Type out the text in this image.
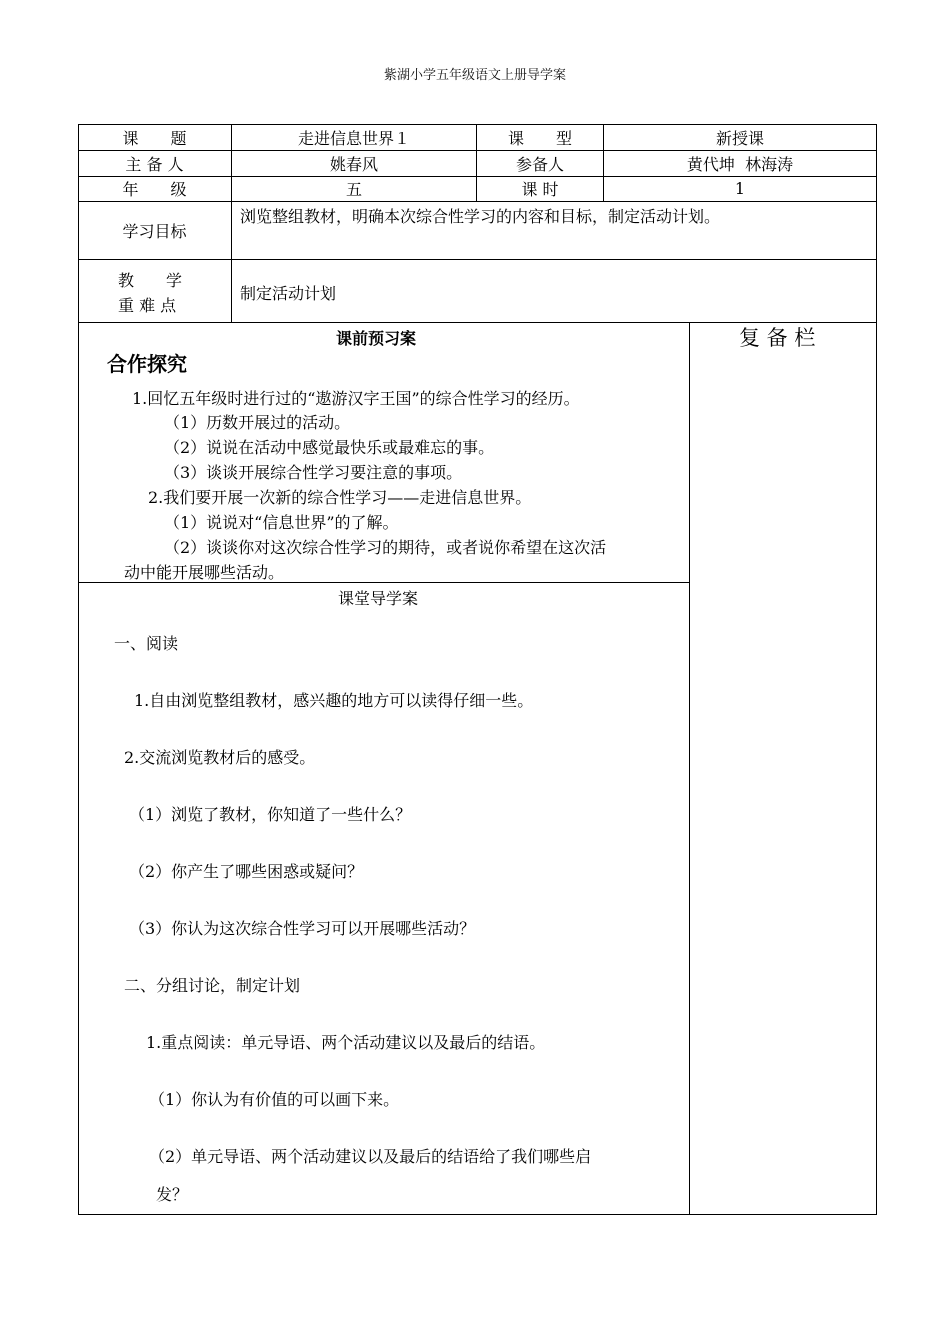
紫湖小学五年级语文上册导学案
课　　题	走进信息世界１	课　　型	新授课
主 备 人	姚春风	参备人	黄代坤  林海涛
年　　级	五	课 时	1
学习目标
浏览整组教材，明确本次综合性学习的内容和目标，制定活动计划。
教　　学
重 难 点
制定活动计划
复 备 栏
课前预习案
合作探究
1.回忆五年级时进行过的“遨游汉字王国”的综合性学习的经历。
（1）历数开展过的活动。
（2）说说在活动中感觉最快乐或最难忘的事。
（3）谈谈开展综合性学习要注意的事项。
2.我们要开展一次新的综合性学习——走进信息世界。
（1）说说对“信息世界”的了解。
（2）谈谈你对这次综合性学习的期待，或者说你希望在这次活
动中能开展哪些活动。
课堂导学案
一、阅读
1.自由浏览整组教材，感兴趣的地方可以读得仔细一些。
2.交流浏览教材后的感受。
（1）浏览了教材，你知道了一些什么？
（2）你产生了哪些困惑或疑问？
（3）你认为这次综合性学习可以开展哪些活动？
二、分组讨论，制定计划
1.重点阅读：单元导语、两个活动建议以及最后的结语。
（1）你认为有价值的可以画下来。
（2）单元导语、两个活动建议以及最后的结语给了我们哪些启
发？
